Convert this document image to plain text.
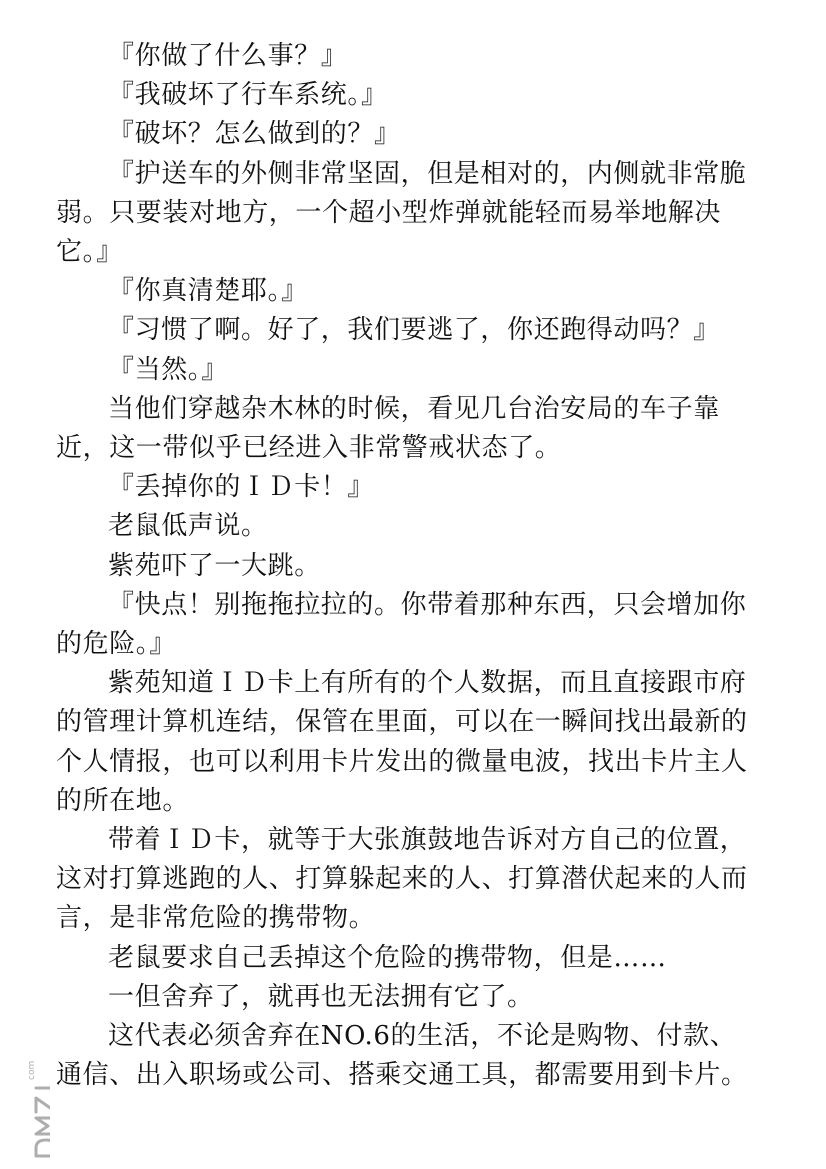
『你做了什么事？』

『我破坏了行车系统。』

『破坏？怎么做到的？』

『护送车的外侧非常坚固，但是相对的，内侧就非常脆弱。只要装对地方，一个超小型炸弹就能轻而易举地解决它。』

『你真清楚耶。』

『习惯了啊。好了，我们要逃了，你还跑得动吗？』

『当然。』

当他们穿越杂木林的时候，看见几台治安局的车子靠近，这一带似乎已经进入非常警戒状态了。

『丢掉你的ＩＤ卡！』

老鼠低声说。

紫苑吓了一大跳。

『快点！别拖拖拉拉的。你带着那种东西，只会增加你的危险。』

紫苑知道ＩＤ卡上有所有的个人数据，而且直接跟市府的管理计算机连结，保管在里面，可以在一瞬间找出最新的个人情报，也可以利用卡片发出的微量电波，找出卡片主人的所在地。

带着ＩＤ卡，就等于大张旗鼓地告诉对方自己的位置，这对打算逃跑的人、打算躲起来的人、打算潜伏起来的人而言，是非常危险的携带物。

老鼠要求自己丢掉这个危险的携带物，但是……

一但舍弃了，就再也无法拥有它了。

这代表必须舍弃在NO.6的生活，不论是购物、付款、通信、出入职场或公司、搭乘交通工具，都需要用到卡片。

com
